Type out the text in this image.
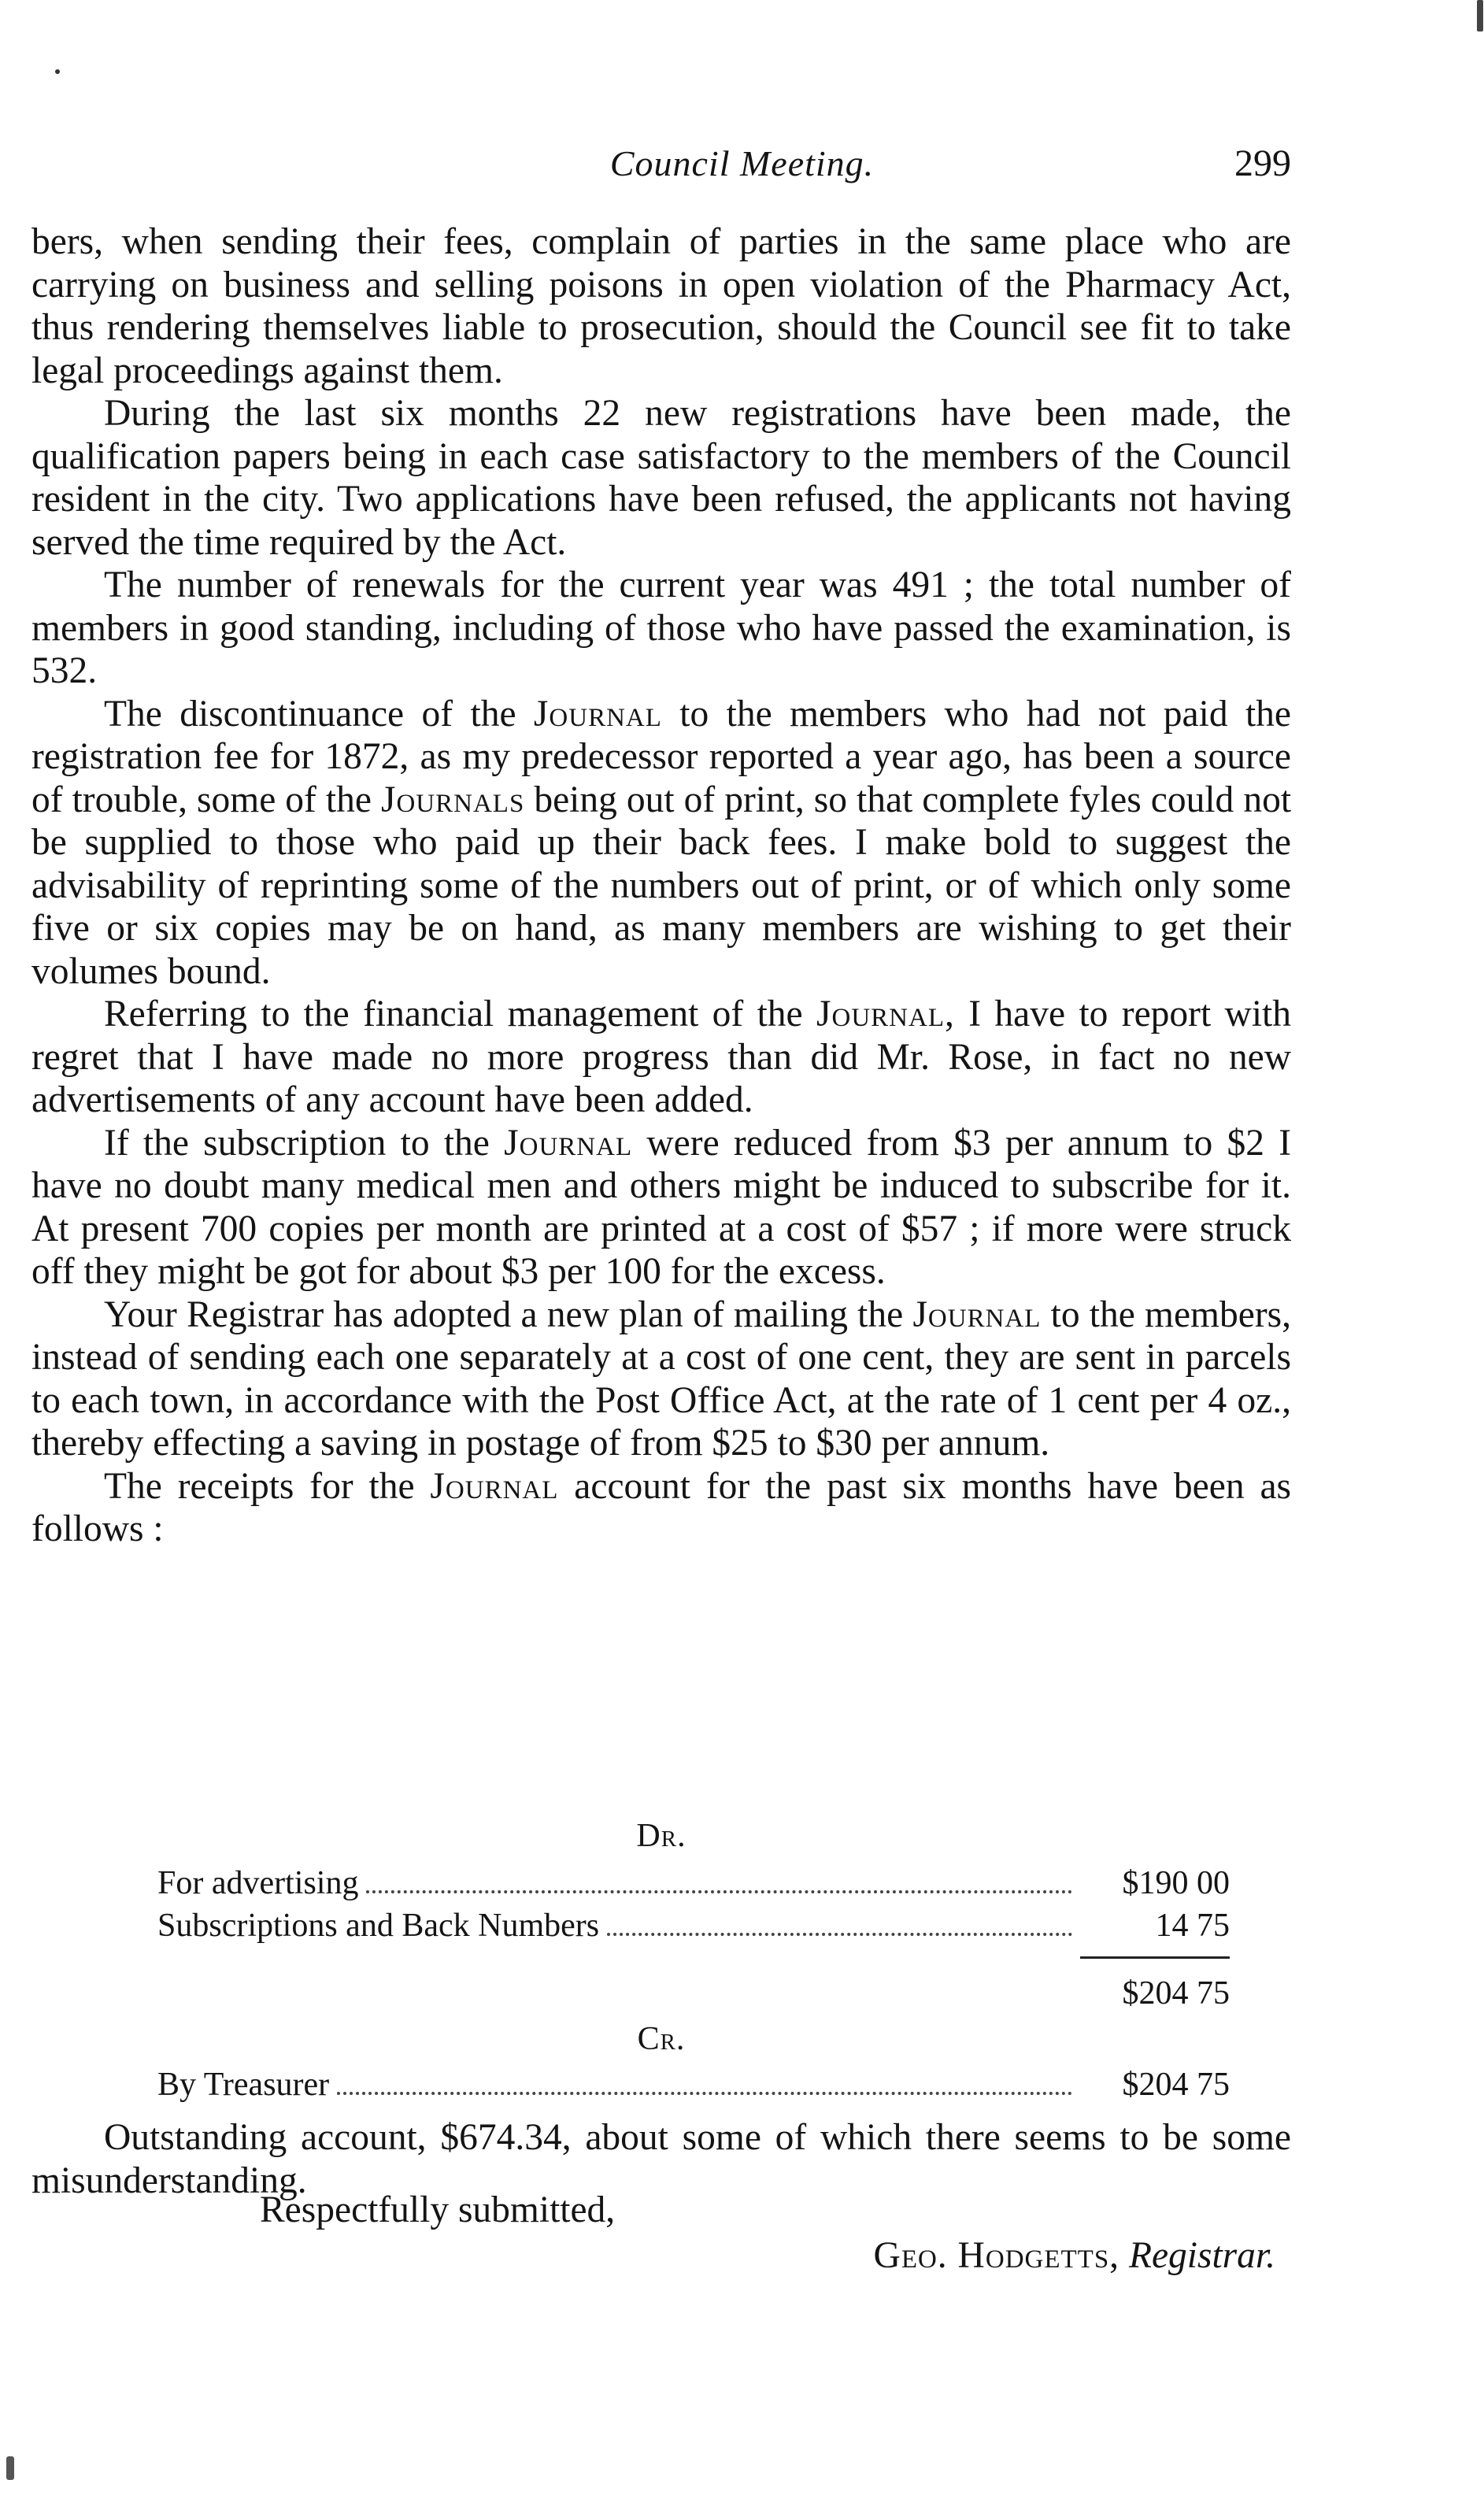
Council Meeting.	299

bers, when sending their fees, complain of parties in the same place who are carrying on business and selling poisons in open violation of the Pharmacy Act, thus rendering themselves liable to prosecution, should the Council see fit to take legal proceedings against them.

During the last six months 22 new registrations have been made, the qualification papers being in each case satisfactory to the members of the Council resident in the city. Two applications have been refused, the applicants not having served the time required by the Act.

The number of renewals for the current year was 491 ; the total number of members in good standing, including of those who have passed the examination, is 532.

The discontinuance of the Journal to the members who had not paid the registration fee for 1872, as my predecessor reported a year ago, has been a source of trouble, some of the Journals being out of print, so that complete fyles could not be supplied to those who paid up their back fees. I make bold to suggest the advisability of reprinting some of the numbers out of print, or of which only some five or six copies may be on hand, as many members are wishing to get their volumes bound.

Referring to the financial management of the Journal, I have to report with regret that I have made no more progress than did Mr. Rose, in fact no new advertisements of any account have been added.

If the subscription to the Journal were reduced from $3 per annum to $2 I have no doubt many medical men and others might be induced to subscribe for it. At present 700 copies per month are printed at a cost of $57 ; if more were struck off they might be got for about $3 per 100 for the excess.

Your Registrar has adopted a new plan of mailing the Journal to the members, instead of sending each one separately at a cost of one cent, they are sent in parcels to each town, in accordance with the Post Office Act, at the rate of 1 cent per 4 oz., thereby effecting a saving in postage of from $25 to $30 per annum.

The receipts for the Journal account for the past six months have been as follows :

Dr.
For advertising	$190 00
Subscriptions and Back Numbers	14 75
$204 75
Cr.
By Treasurer	$204 75

Outstanding account, $674.34, about some of which there seems to be some misunderstanding.

Respectfully submitted,
Geo. Hodgetts, Registrar.
